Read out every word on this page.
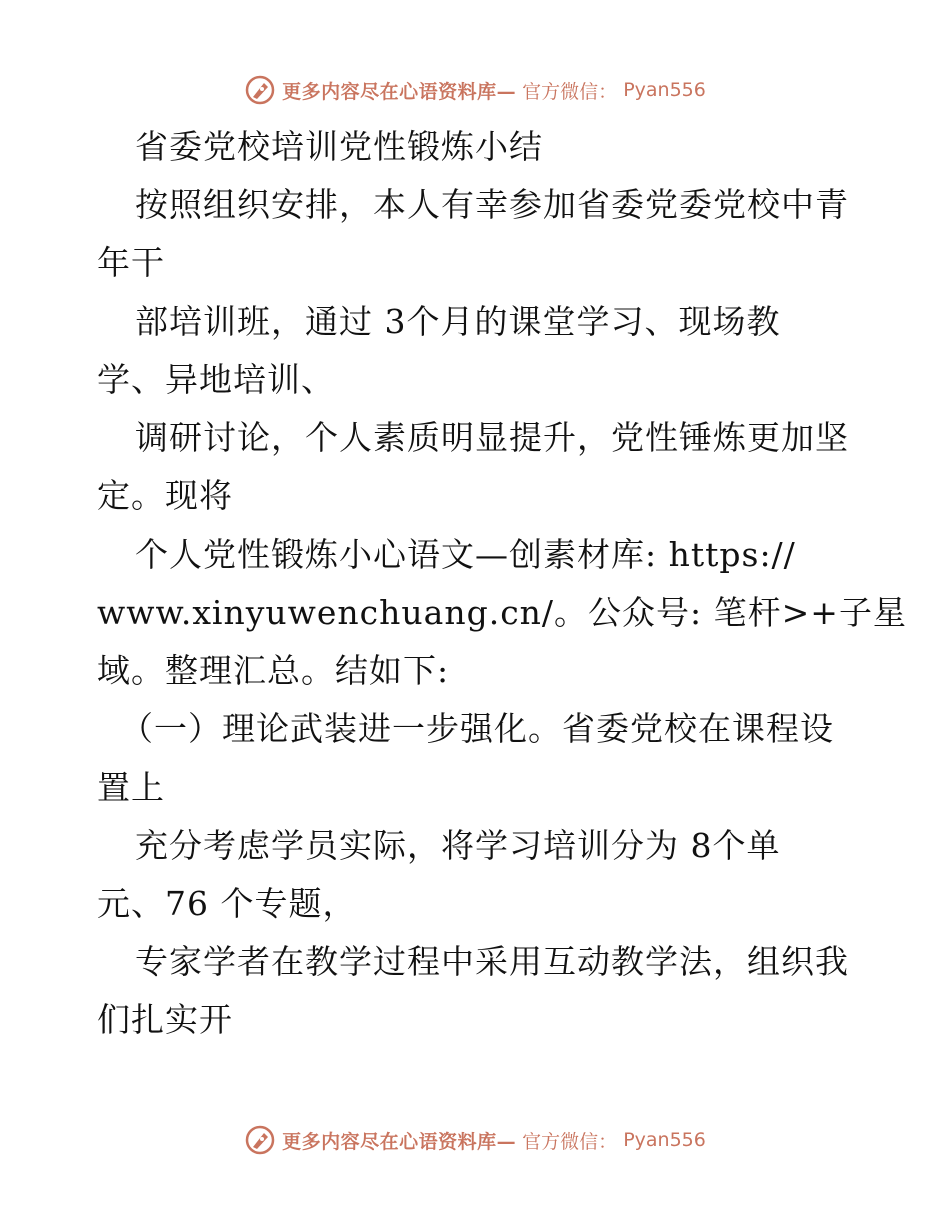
更多内容尽在心语资料库— 官方微信： Pyan556
省委党校培训党性锻炼小结
按照组织安排，本人有幸参加省委党委党校中青
年干
部培训班，通过 3个月的课堂学习、现场教
学、异地培训、
调研讨论，个人素质明显提升，党性锤炼更加坚
定。现将
个人党性锻炼小心语文—创素材库: https://
www.xinyuwenchuang.cn/。公众号: 笔杆>+子星
域。整理汇总。结如下:
（一）理论武装进一步强化。省委党校在课程设
置上
充分考虑学员实际，将学习培训分为 8个单
元、76 个专题，
专家学者在教学过程中采用互动教学法，组织我
们扎实开
更多内容尽在心语资料库— 官方微信： Pyan556
